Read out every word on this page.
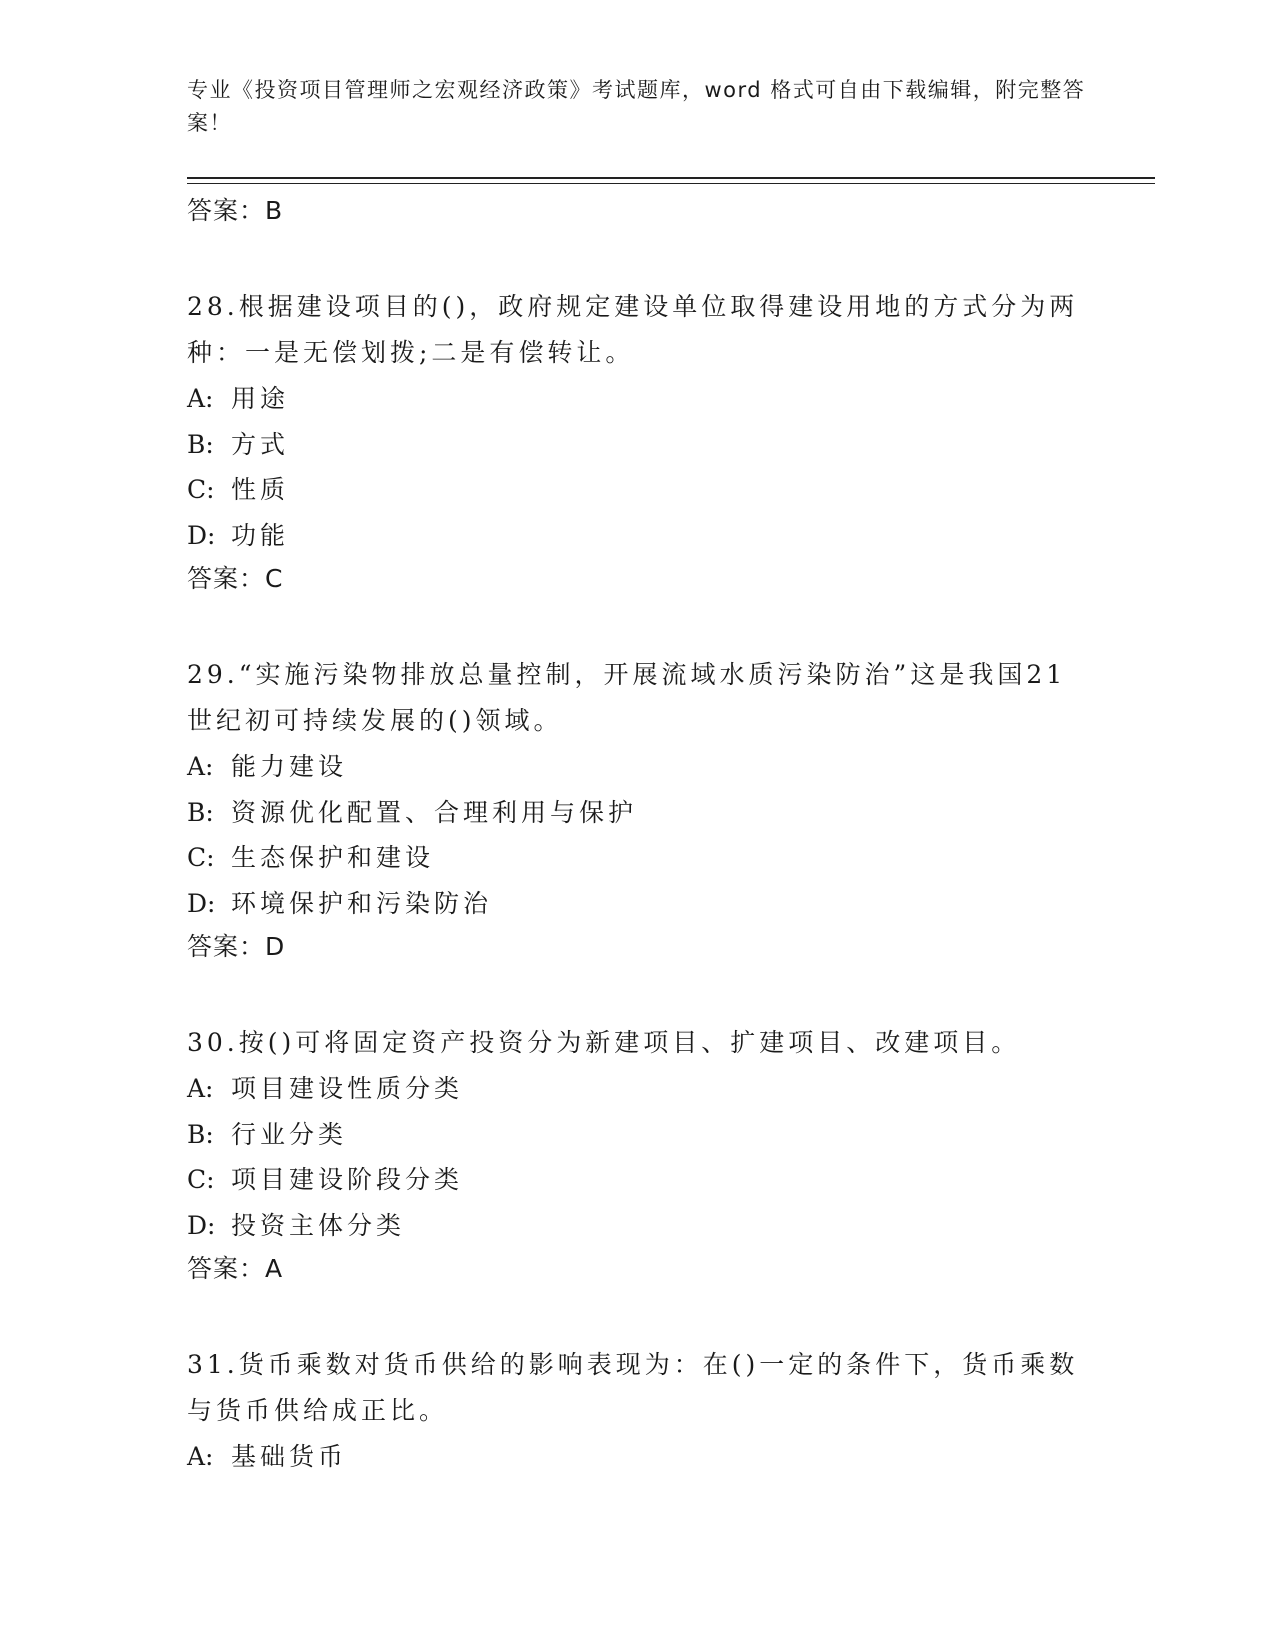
专业《投资项目管理师之宏观经济政策》考试题库，word 格式可自由下载编辑，附完整答案！

答案：B

28.根据建设项目的()，政府规定建设单位取得建设用地的方式分为两种：一是无偿划拨;二是有偿转让。

A: 用途

B: 方式

C: 性质

D: 功能

答案：C

29.“实施污染物排放总量控制，开展流域水质污染防治”这是我国21世纪初可持续发展的()领域。

A: 能力建设

B: 资源优化配置、合理利用与保护

C: 生态保护和建设

D: 环境保护和污染防治

答案：D

30.按()可将固定资产投资分为新建项目、扩建项目、改建项目。

A: 项目建设性质分类

B: 行业分类

C: 项目建设阶段分类

D: 投资主体分类

答案：A

31.货币乘数对货币供给的影响表现为：在()一定的条件下，货币乘数与货币供给成正比。

A: 基础货币
